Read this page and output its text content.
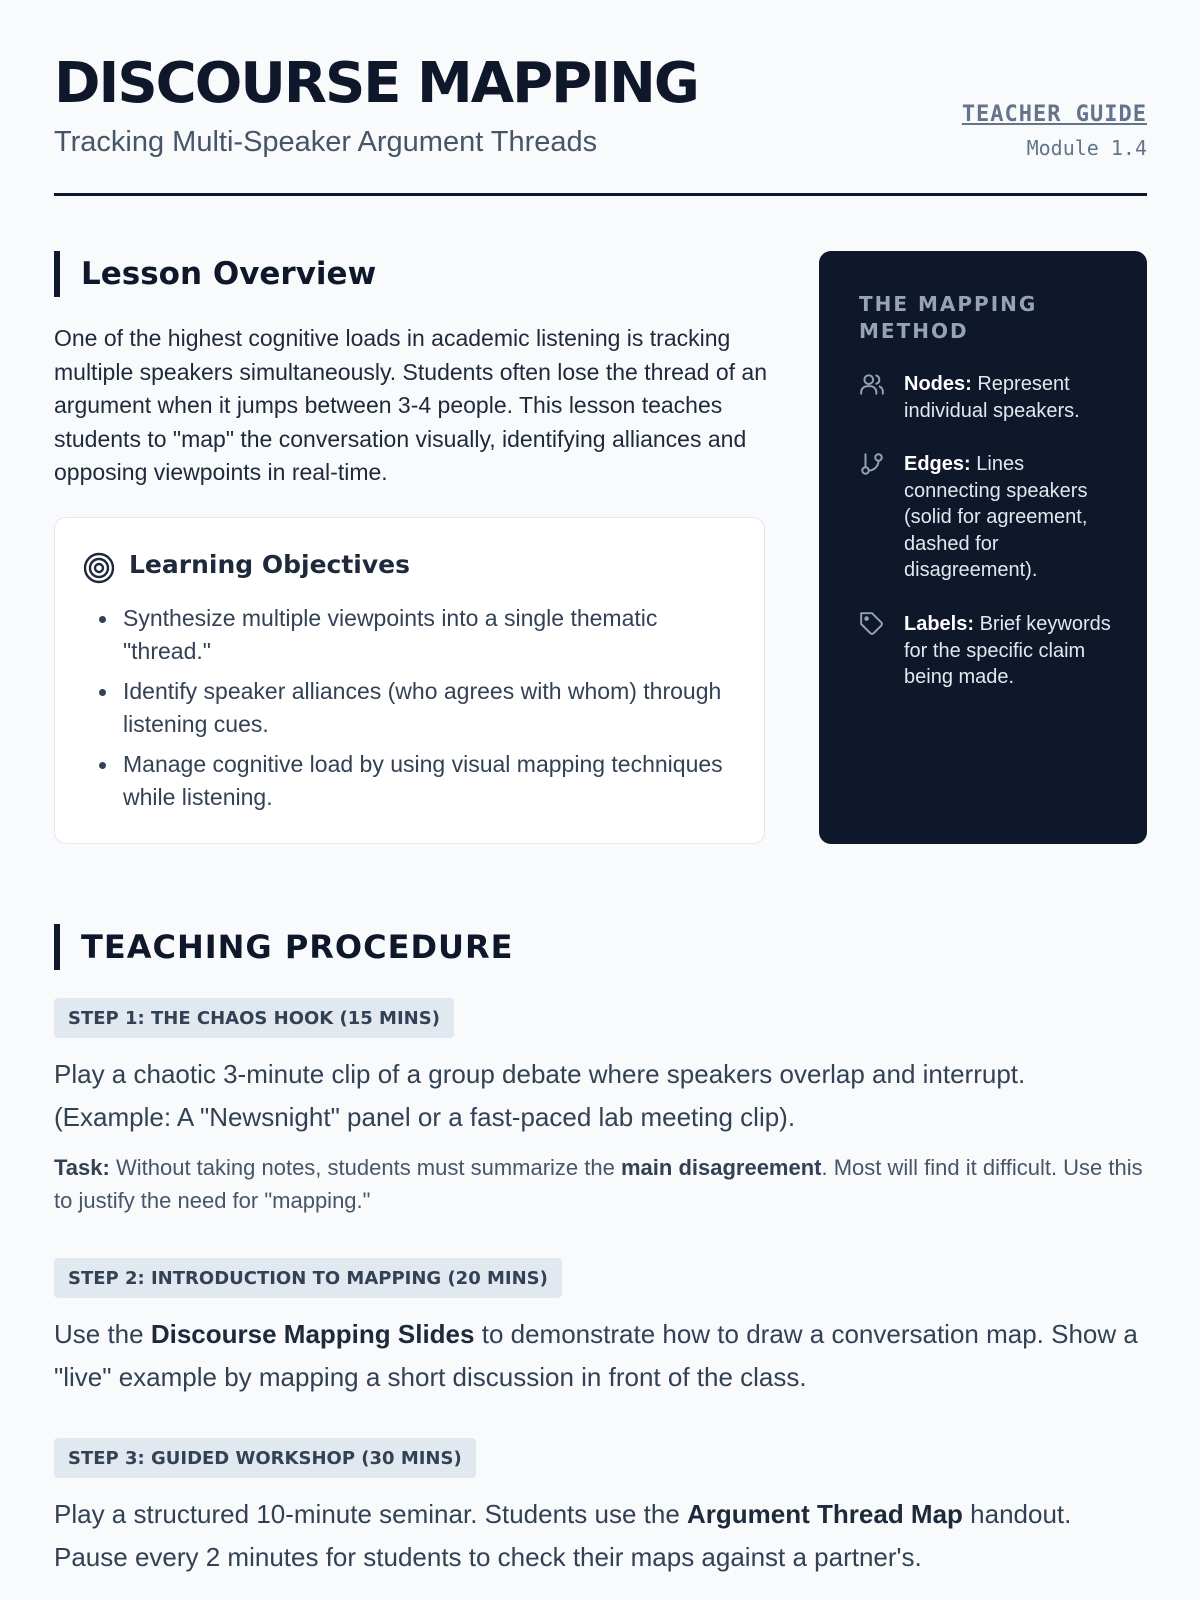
DISCOURSE MAPPING
Tracking Multi-Speaker Argument Threads
TEACHER GUIDE
Module 1.4
Lesson Overview

One of the highest cognitive loads in academic listening is tracking multiple speakers simultaneously. Students often lose the thread of an argument when it jumps between 3-4 people. This lesson teaches students to "map" the conversation visually, identifying alliances and opposing viewpoints in real-time.

Learning Objectives
Synthesize multiple viewpoints into a single thematic "thread."
Identify speaker alliances (who agrees with whom) through listening cues.
Manage cognitive load by using visual mapping techniques while listening.
THE MAPPING METHOD
Nodes: Represent individual speakers.
Edges: Lines connecting speakers (solid for agreement, dashed for disagreement).
Labels: Brief keywords for the specific claim being made.
TEACHING PROCEDURE
STEP 1: THE CHAOS HOOK (15 MINS)

Play a chaotic 3-minute clip of a group debate where speakers overlap and interrupt. (Example: A "Newsnight" panel or a fast-paced lab meeting clip).

Task: Without taking notes, students must summarize the main disagreement. Most will find it difficult. Use this to justify the need for "mapping."

STEP 2: INTRODUCTION TO MAPPING (20 MINS)

Use the Discourse Mapping Slides to demonstrate how to draw a conversation map. Show a "live" example by mapping a short discussion in front of the class.

STEP 3: GUIDED WORKSHOP (30 MINS)

Play a structured 10-minute seminar. Students use the Argument Thread Map handout. Pause every 2 minutes for students to check their maps against a partner's.
